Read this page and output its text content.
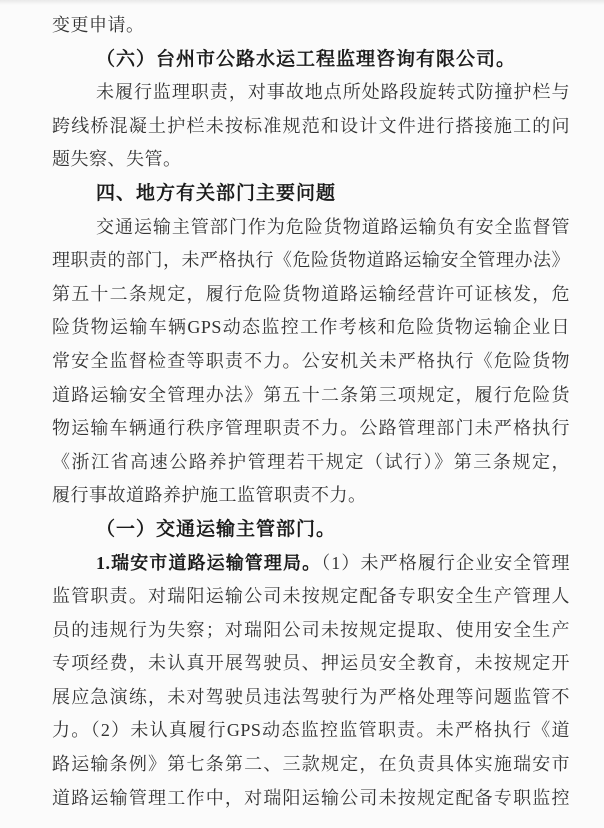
变更申请。
（六）台州市公路水运工程监理咨询有限公司。
未履行监理职责，对事故地点所处路段旋转式防撞护栏与
跨线桥混凝土护栏未按标准规范和设计文件进行搭接施工的问
题失察、失管。
四、地方有关部门主要问题
交通运输主管部门作为危险货物道路运输负有安全监督管
理职责的部门，未严格执行《危险货物道路运输安全管理办法》
第五十二条规定，履行危险货物道路运输经营许可证核发，危
险货物运输车辆GPS动态监控工作考核和危险货物运输企业日
常安全监督检查等职责不力。公安机关未严格执行《危险货物
道路运输安全管理办法》第五十二条第三项规定，履行危险货
物运输车辆通行秩序管理职责不力。公路管理部门未严格执行
《浙江省高速公路养护管理若干规定（试行）》第三条规定，
履行事故道路养护施工监管职责不力。
（一）交通运输主管部门。
1.瑞安市道路运输管理局。（1）未严格履行企业安全管理
监管职责。对瑞阳运输公司未按规定配备专职安全生产管理人
员的违规行为失察；对瑞阳公司未按规定提取、使用安全生产
专项经费，未认真开展驾驶员、押运员安全教育，未按规定开
展应急演练，未对驾驶员违法驾驶行为严格处理等问题监管不
力。（2）未认真履行GPS动态监控监管职责。未严格执行《道
路运输条例》第七条第二、三款规定，在负责具体实施瑞安市
道路运输管理工作中，对瑞阳运输公司未按规定配备专职监控
